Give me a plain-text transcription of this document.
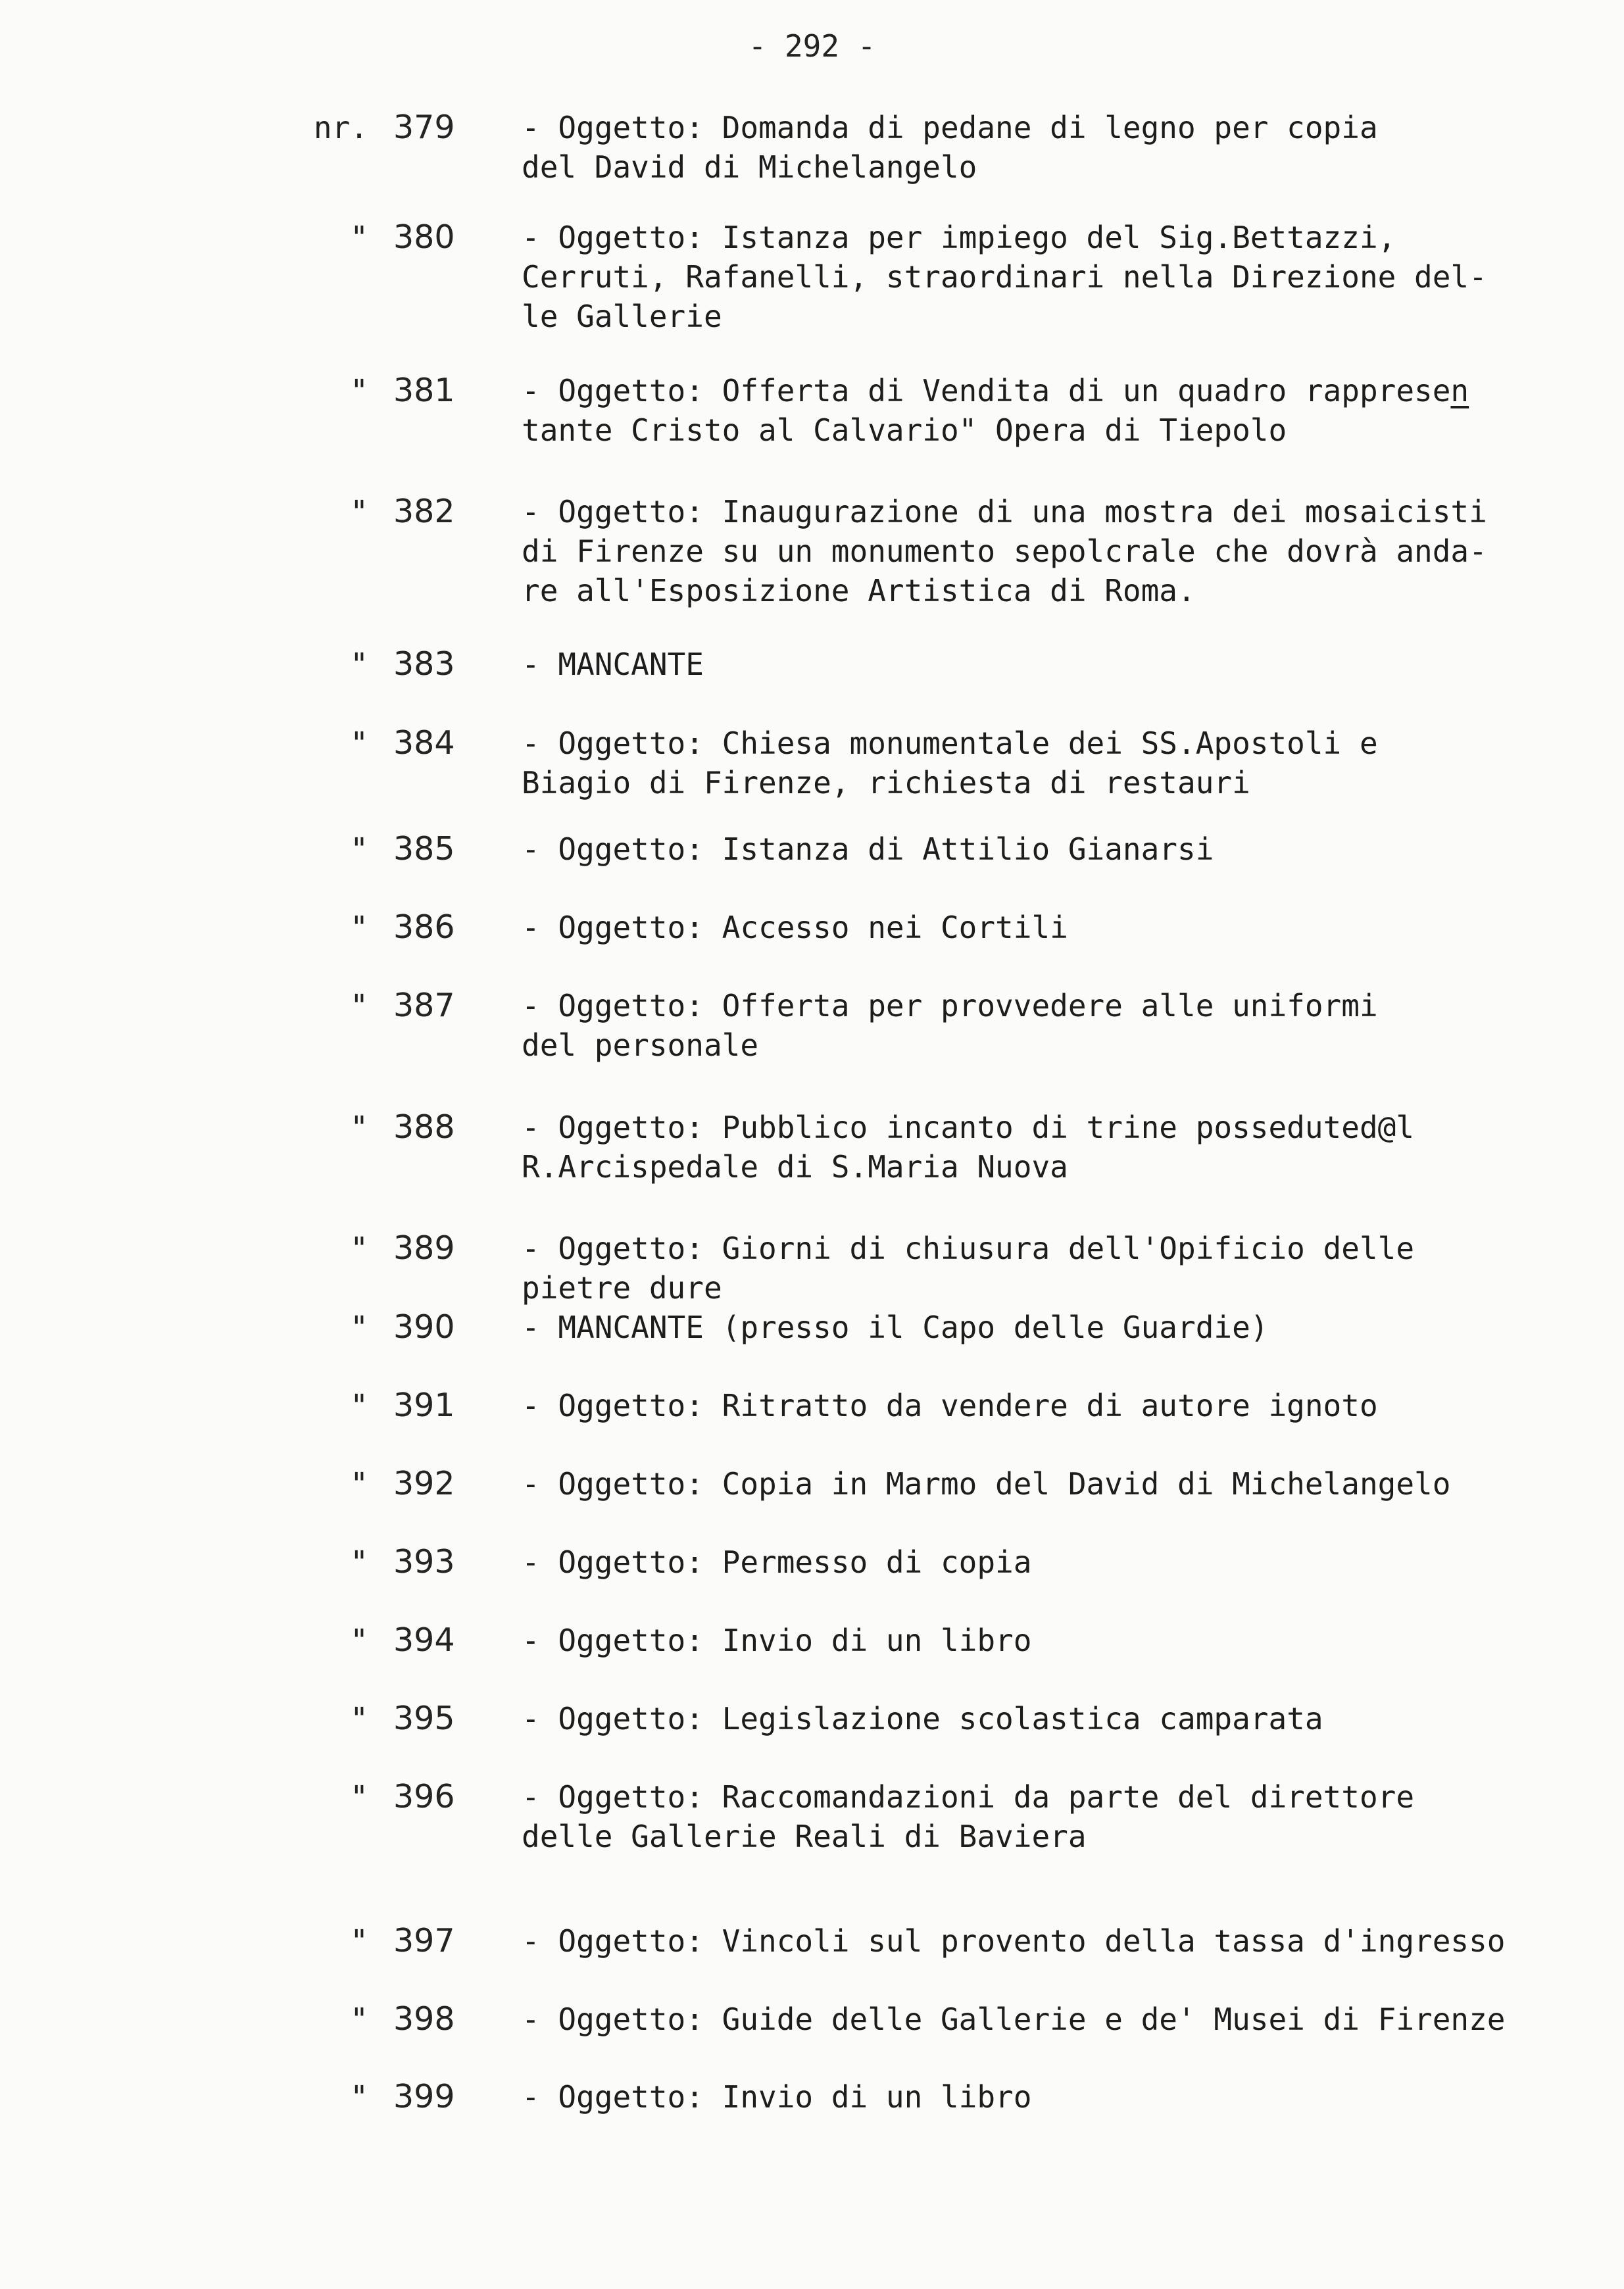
- 292 -
nr. 379 - Oggetto: Domanda di pedane di legno per copia
del David di Michelangelo
" 380 - Oggetto: Istanza per impiego del Sig.Bettazzi,
Cerruti, Rafanelli, straordinari nella Direzione del-
le Gallerie
" 381 - Oggetto: Offerta di Vendita di un quadro rappresen
tante Cristo al Calvario" Opera di Tiepolo
" 382 - Oggetto: Inaugurazione di una mostra dei mosaicisti
di Firenze su un monumento sepolcrale che dovrà anda-
re all'Esposizione Artistica di Roma.
" 383 - MANCANTE
" 384 - Oggetto: Chiesa monumentale dei SS.Apostoli e
Biagio di Firenze, richiesta di restauri
" 385 - Oggetto: Istanza di Attilio Gianarsi
" 386 - Oggetto: Accesso nei Cortili
" 387 - Oggetto: Offerta per provvedere alle uniformi
del personale
" 388 - Oggetto: Pubblico incanto di trine posseduted@l
R.Arcispedale di S.Maria Nuova
" 389 - Oggetto: Giorni di chiusura dell'Opificio delle
pietre dure
" 390 - MANCANTE (presso il Capo delle Guardie)
" 391 - Oggetto: Ritratto da vendere di autore ignoto
" 392 - Oggetto: Copia in Marmo del David di Michelangelo
" 393 - Oggetto: Permesso di copia
" 394 - Oggetto: Invio di un libro
" 395 - Oggetto: Legislazione scolastica camparata
" 396 - Oggetto: Raccomandazioni da parte del direttore
delle Gallerie Reali di Baviera
" 397 - Oggetto: Vincoli sul provento della tassa d'ingresso
" 398 - Oggetto: Guide delle Gallerie e de' Musei di Firenze
" 399 - Oggetto: Invio di un libro
